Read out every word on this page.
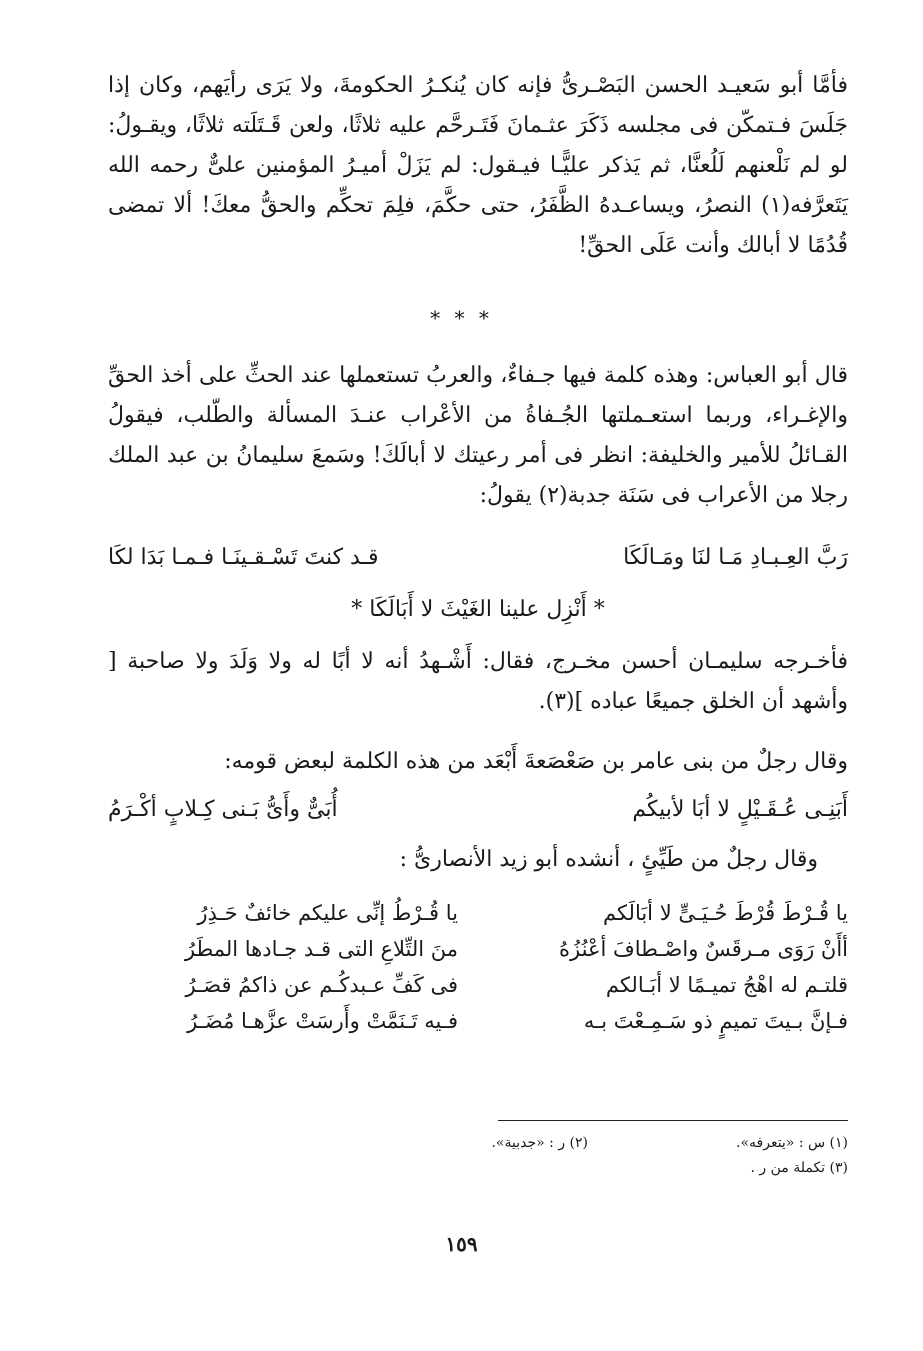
فأمَّا أبو سَعيـد الحسن البَصْـرىُّ فإنه كان يُنكـرُ الحكومةَ، ولا يَرَى رأيَهم، وكان إذا جَلَسَ فـتمكّن فى مجلسه ذَكَرَ عثـمانَ فَتَـرحَّم عليه ثلاثًا، ولعن قَـتَلَته ثلاثًا، ويقـولُ: لو لم نَلْعنهم لَلُعنَّا، ثم يَذكر عليًّـا فيـقول: لم يَزَلْ أميـرُ المؤمنين علىٌّ رحمه الله يَتَعرَّفه(١) النصرُ، ويساعـدهُ الظَّفَرُ، حتى حكَّمَ، فلِمَ تحكِّم والحقُّ معكَ! ألا تمضى قُدُمًا لا أبالك وأنت عَلَى الحقِّ!

* * *

قال أبو العباس: وهذه كلمة فيها جـفاءٌ، والعربُ تستعملها عند الحثِّ على أخذ الحقِّ والإغـراء، وربما استعـملتها الجُـفاةُ من الأعْراب عنـدَ المسألة والطّلب، فيقولُ القـائلُ للأمير والخليفة: انظر فى أمر رعيتك لا أبالَكَ! وسَمعَ سليمانُ بن عبد الملك رجلا من الأعراب فى سَنَة جدبة(٢) يقولُ:

رَبَّ العِـبـادِ مَـا لنَا ومَـالَكَا
قـد كنتَ تَسْـقـينَـا فـمـا بَدَا لكَا
* أَنْزِل علينا الغَيْثَ لا أَبَالَكَا *

فأخـرجه سليمـان أحسن مخـرج، فقال: أَشْـهدُ أنه لا أبًا له ولا وَلَدَ ولا صاحبة [ وأشهد أن الخلق جميعًا عباده ](٣).

وقال رجلٌ من بنى عامر بن صَعْصَعةَ أَبْعَد من هذه الكلمة لبعض قومه:
أَبَنِـى عُـقَـيْلٍ لا أبَا لأبيكُم
أُبَىٌّ وأَىُّ بَـنى كِـلابٍ أكْـرَمُ
وقال رجلٌ من طَيِّئٍ ، أنشده أبو زيد الأنصارىُّ :
يا قُـرْطَ قُرْطَ حُـيَـىٍّ لا أبَالَكم
أأَنْ رَوَى مـرقَسٌ واصْـطافَ أعْنُزُهُ
قلتـم له اهْجُ تميـمًا لا أبَـالكم
فـإنَّ بـيتَ تميمٍ ذو سَـمِـعْتَ بـه
يا قُـرْطُ إنِّى عليكم خائفٌ حَـذِرُ
منَ التِّلاعِ التى قـد جـادها المطَرُ
فى كَفِّ عـبدكُـم عن ذاكمُ قصَـرُ
فـيه تَـنَمَّتْ وأَرسَتْ عزَّهـا مُضَـرُ
(١) س : «يتعرفه».
(٢) ر : «جدبية».
(٣) تكملة من ر .
١٥٩
